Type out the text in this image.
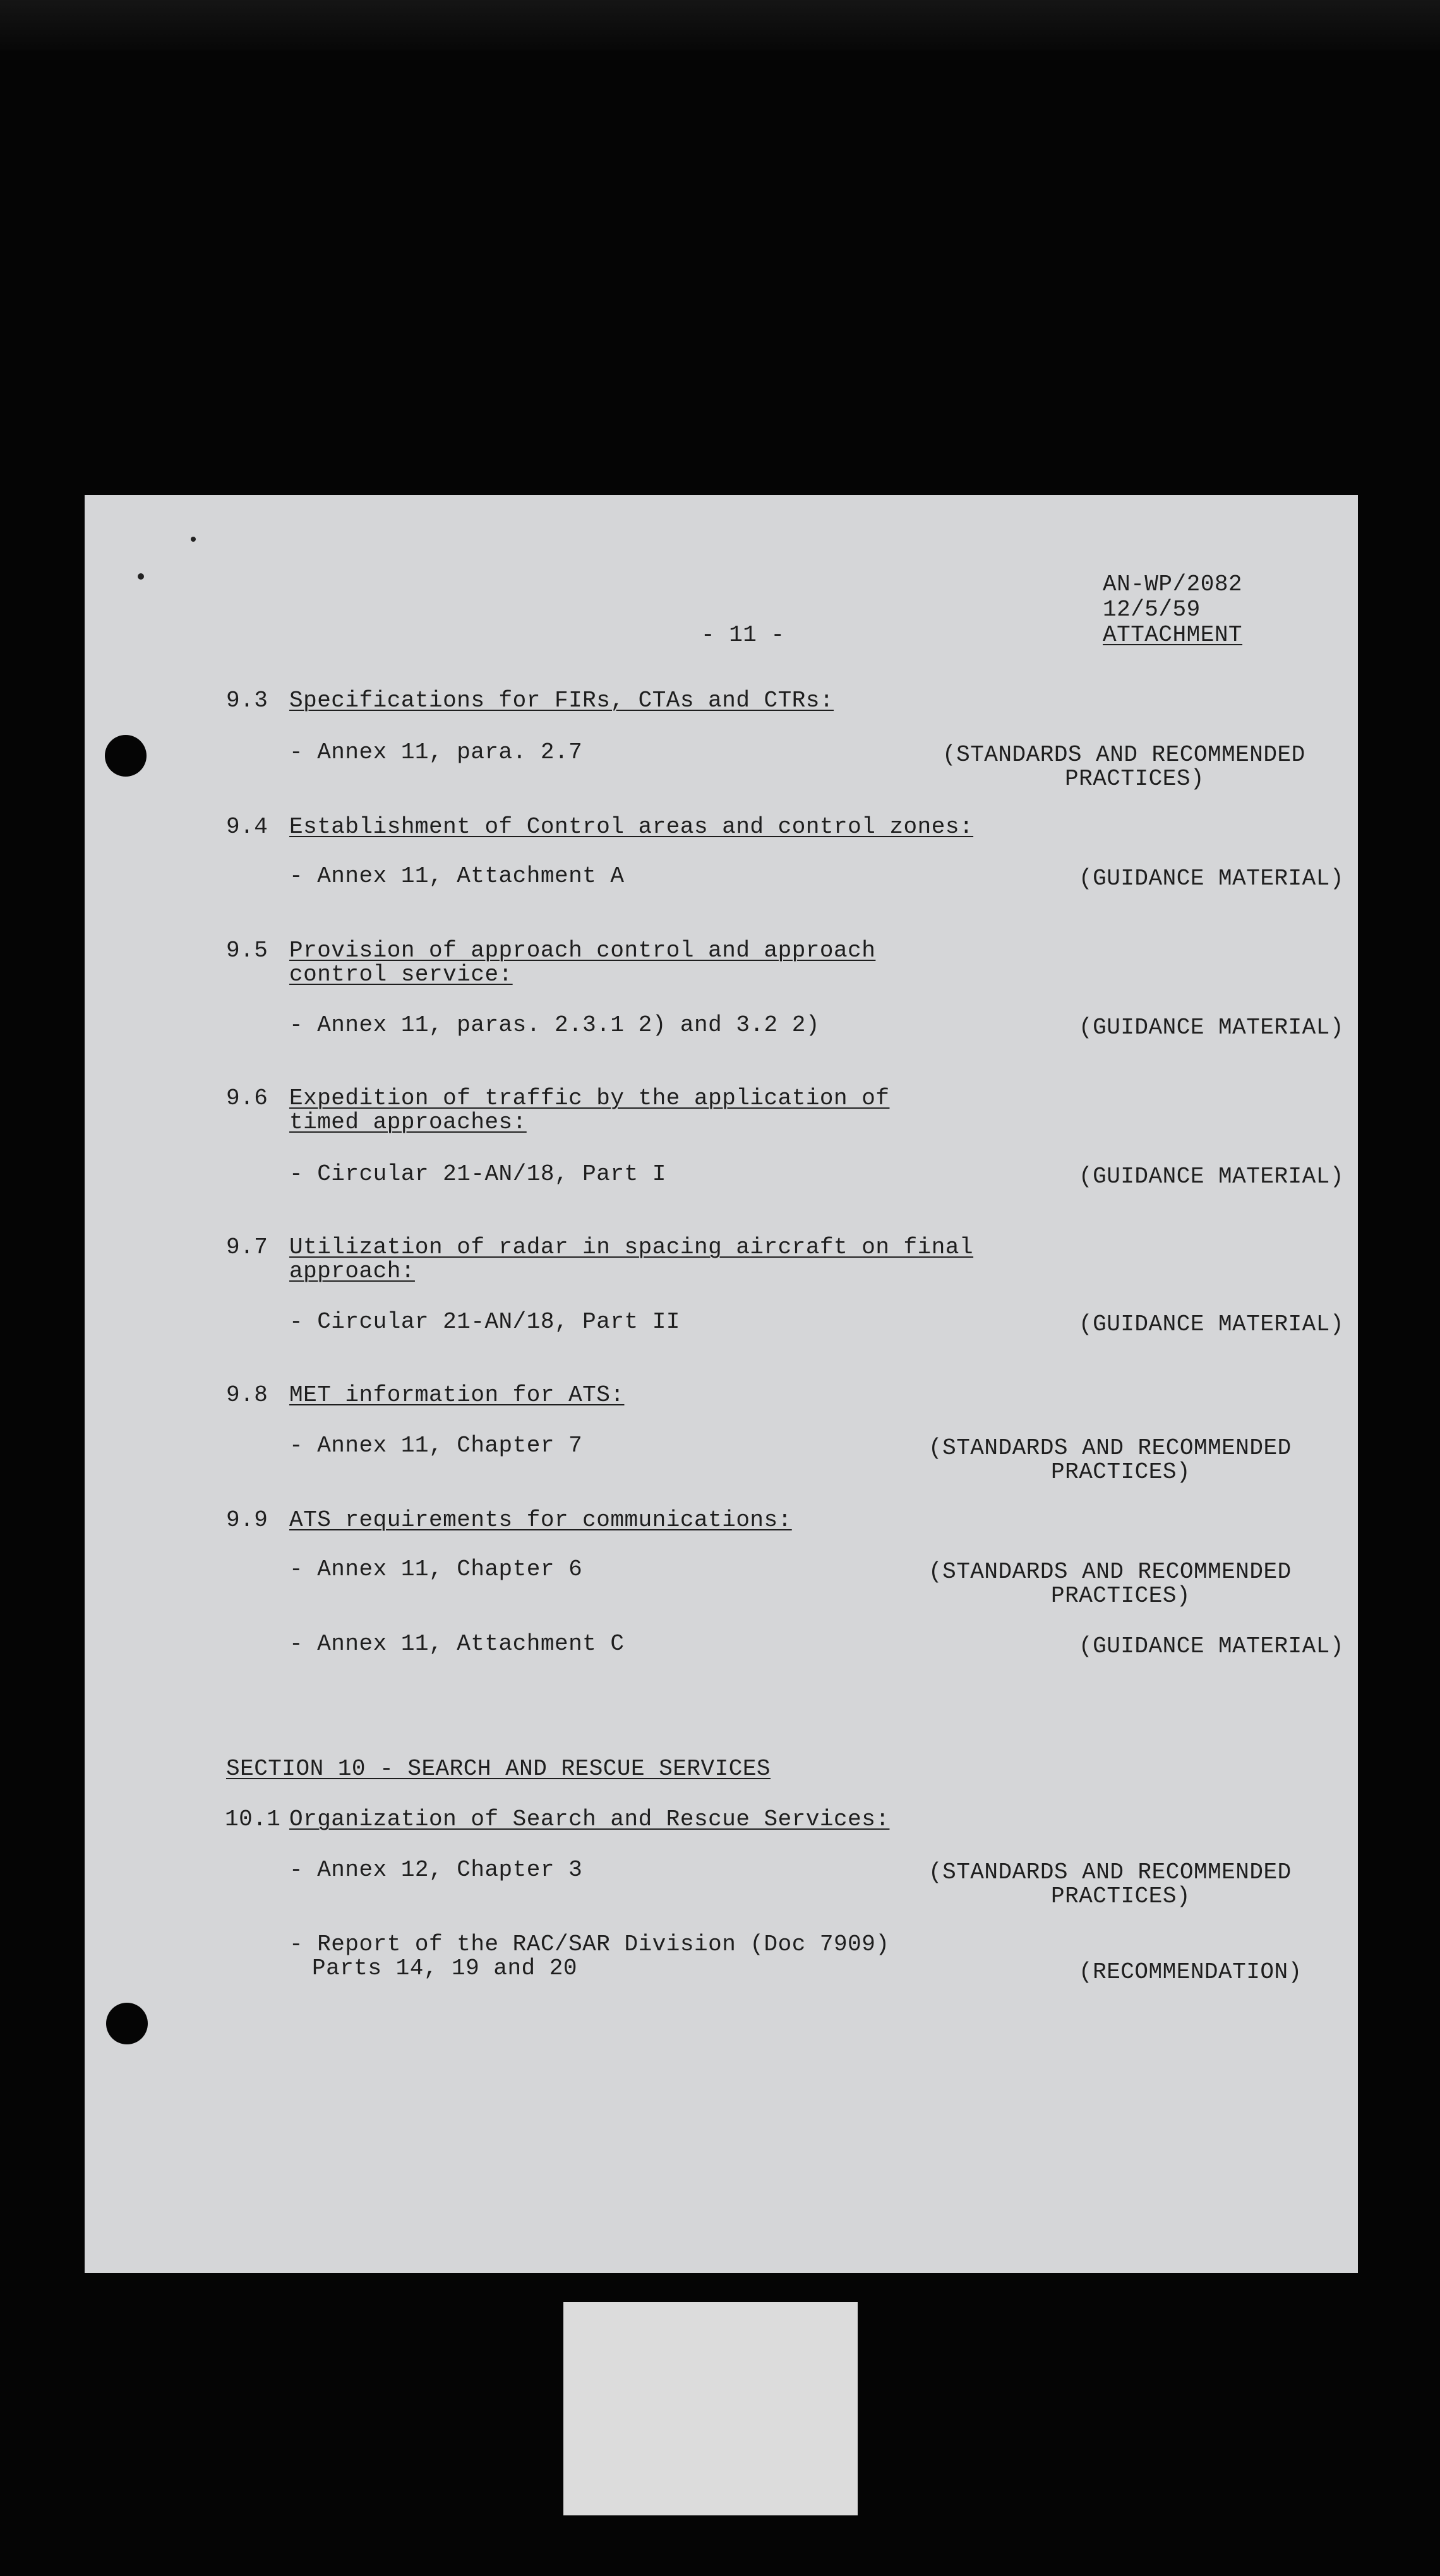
- 11 -
AN-WP/2082
12/5/59
ATTACHMENT
9.3 Specifications for FIRs, CTAs and CTRs:
- Annex 11, para. 2.7	(STANDARDS AND RECOMMENDED
PRACTICES)
9.4 Establishment of Control areas and control zones:
- Annex 11, Attachment A	(GUIDANCE MATERIAL)
9.5 Provision of approach control and approach
control service:
- Annex 11, paras. 2.3.1 2) and 3.2 2)	(GUIDANCE MATERIAL)
9.6 Expedition of traffic by the application of
timed approaches:
- Circular 21-AN/18, Part I	(GUIDANCE MATERIAL)
9.7 Utilization of radar in spacing aircraft on final
approach:
- Circular 21-AN/18, Part II	(GUIDANCE MATERIAL)
9.8 MET information for ATS:
- Annex 11, Chapter 7	(STANDARDS AND RECOMMENDED
PRACTICES)
9.9 ATS requirements for communications:
- Annex 11, Chapter 6	(STANDARDS AND RECOMMENDED
PRACTICES)
- Annex 11, Attachment C	(GUIDANCE MATERIAL)
SECTION 10 - SEARCH AND RESCUE SERVICES
10.1 Organization of Search and Rescue Services:
- Annex 12, Chapter 3	(STANDARDS AND RECOMMENDED
PRACTICES)
- Report of the RAC/SAR Division (Doc 7909)
Parts 14, 19 and 20	(RECOMMENDATION)
